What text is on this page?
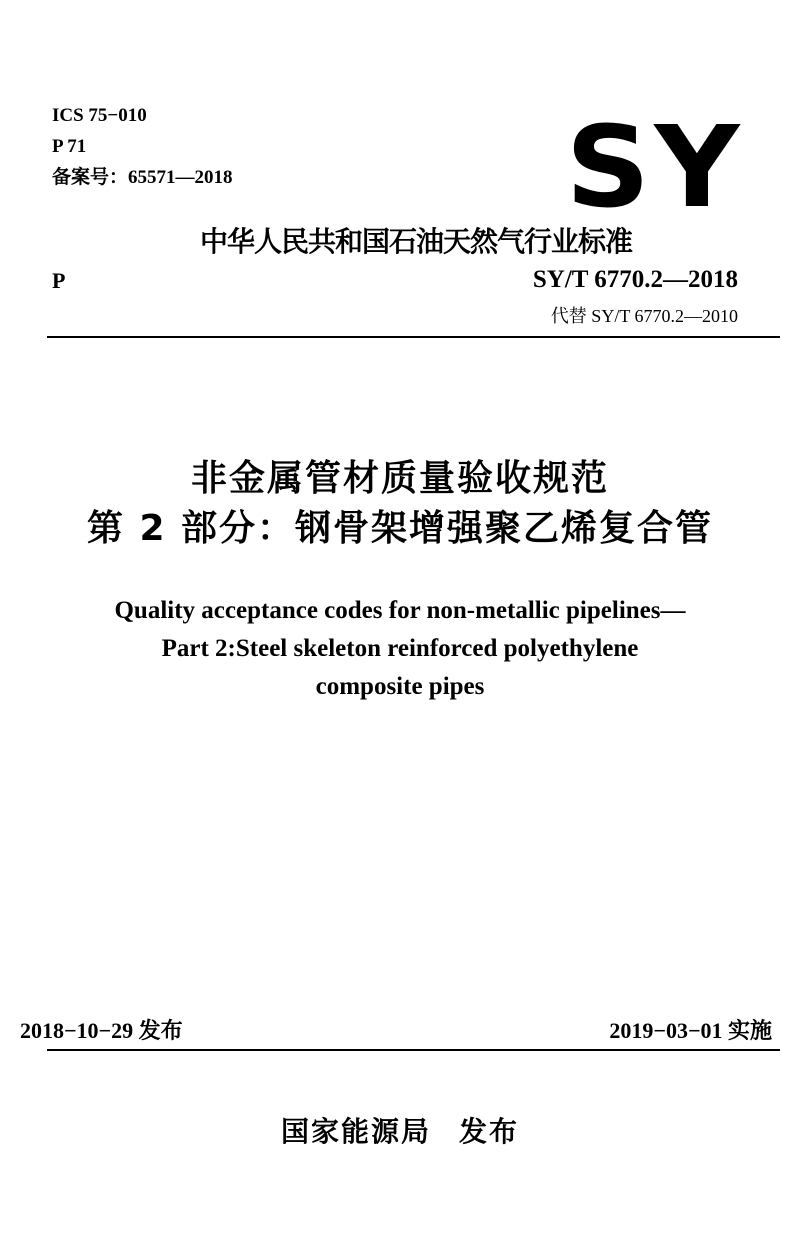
ICS 75−010
P 71
备案号：65571—2018	SY
中华人民共和国石油天然气行业标准
P	SY/T 6770.2—2018
代替 SY/T 6770.2—2010
非金属管材质量验收规范
第 2 部分：钢骨架增强聚乙烯复合管
Quality acceptance codes for non-metallic pipelines—
Part 2:Steel skeleton reinforced polyethylene
composite pipes
2018−10−29 发布	2019−03−01 实施
国家能源局 发布
